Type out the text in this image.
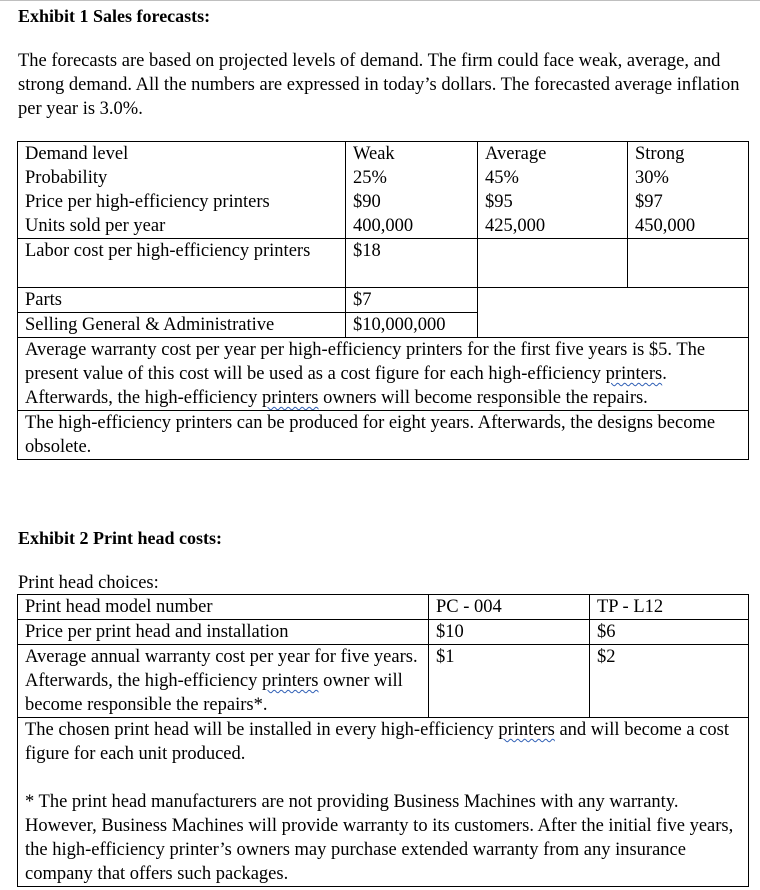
Exhibit 1 Sales forecasts:
The forecasts are based on projected levels of demand. The firm could face weak, average, and strong demand. All the numbers are expressed in today’s dollars. The forecasted average inflation per year is 3.0%.
Demand level	Weak	Average	Strong
Probability	25%	45%	30%
Price per high-efficiency printers	$90	$95	$97
Units sold per year	400,000	425,000	450,000
Labor cost per high-efficiency printers	$18		
Parts	$7		
Selling General & Administrative	$10,000,000		
Average warranty cost per year per high-efficiency printers for the first five years is $5. The present value of this cost will be used as a cost figure for each high-efficiency printers. Afterwards, the high-efficiency printers owners will become responsible the repairs.			
The high-efficiency printers can be produced for eight years. Afterwards, the designs become obsolete.			
Exhibit 2 Print head costs:
Print head choices:
Print head model number	PC - 004	TP - L12
Price per print head and installation	$10	$6
Average annual warranty cost per year for five years. Afterwards, the high-efficiency printers owner will become responsible the repairs*.	$1	$2

The chosen print head will be installed in every high-efficiency printers and will become a cost figure for each unit produced.
* The print head manufacturers are not providing Business Machines with any warranty. However, Business Machines will provide warranty to its customers. After the initial five years, the high-efficiency printer’s owners may purchase extended warranty from any insurance company that offers such packages.		
